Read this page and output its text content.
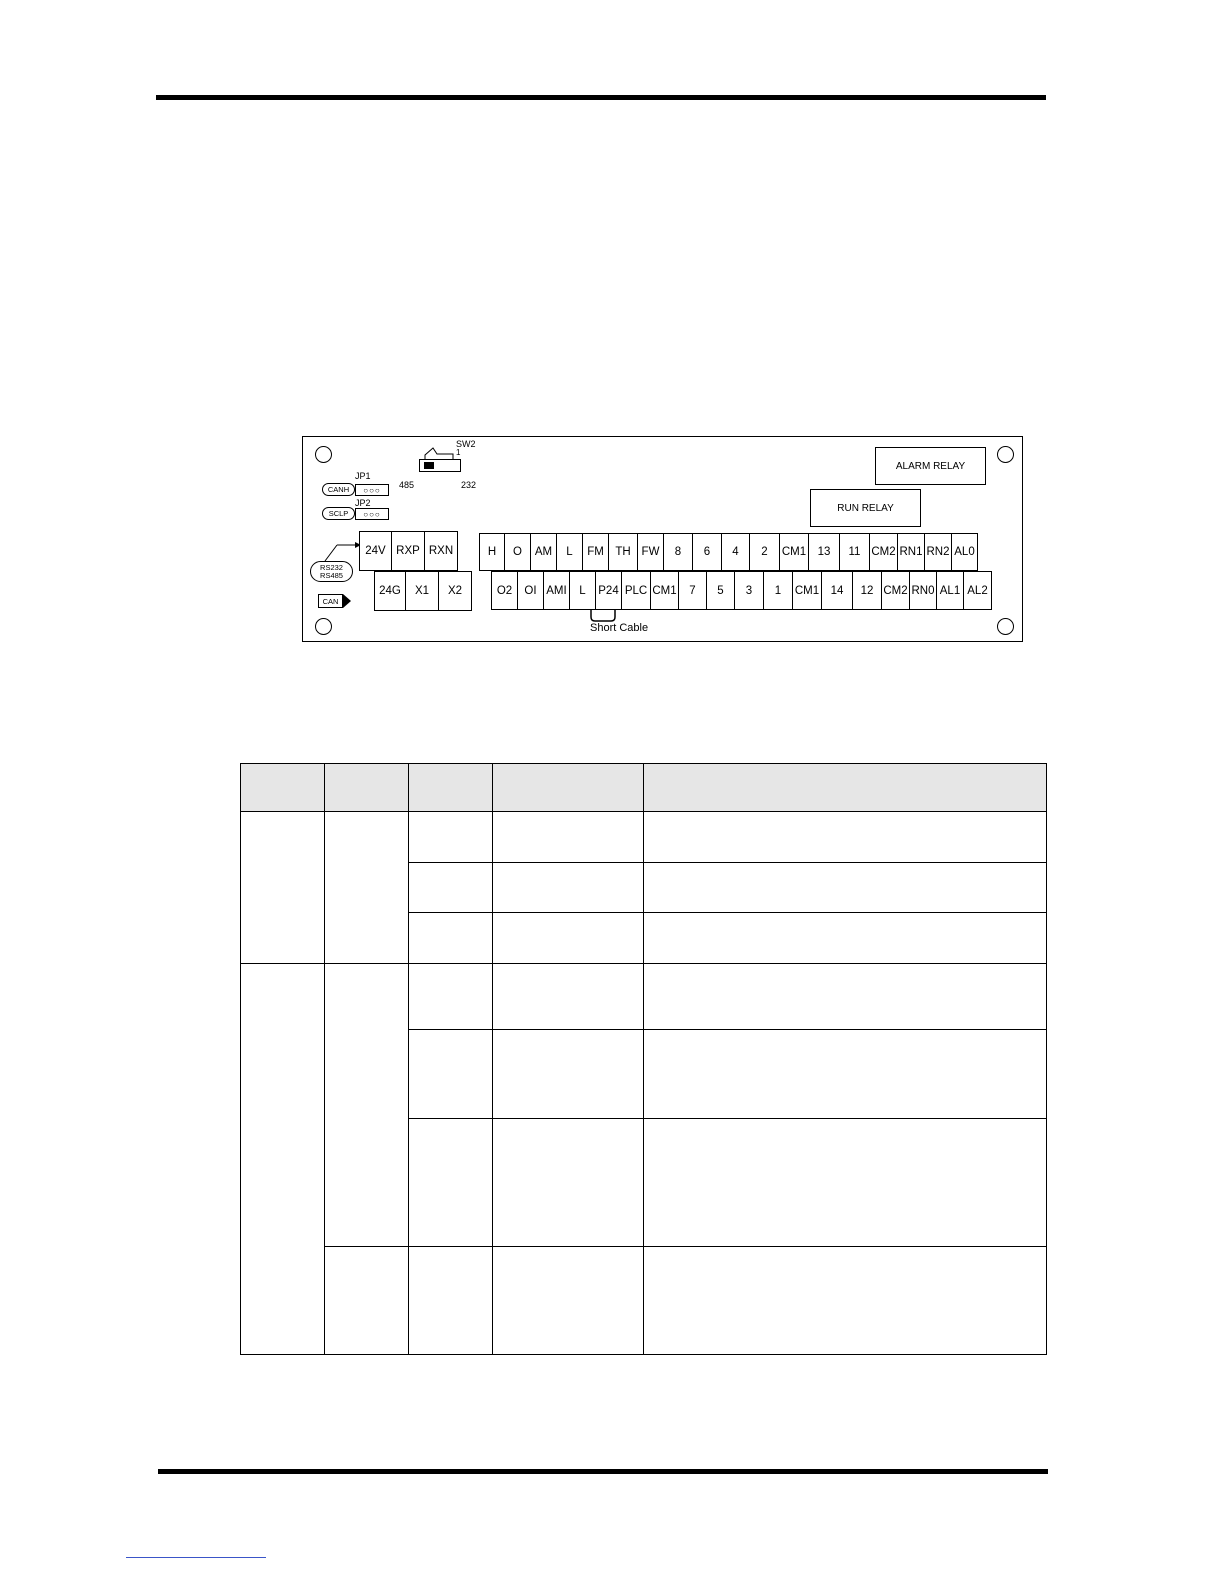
SW2
1
485	232
JP1
CANH	○○○
JP2
SCLP	○○○
RS232
RS485
CAN
ALARM RELAY
RUN RELAY
24V RXP RXN
24G	X1	X2
Short Cable
H	O	AM	L	FM	TH FW	8	6	4	2	CM1 13	11 CM2 RN1 RN2 AL0
O2	OI AMI	L	P24 PLC CM1	7	5	3	1	CM1 14	12 CM2 RN0 AL1 AL2
